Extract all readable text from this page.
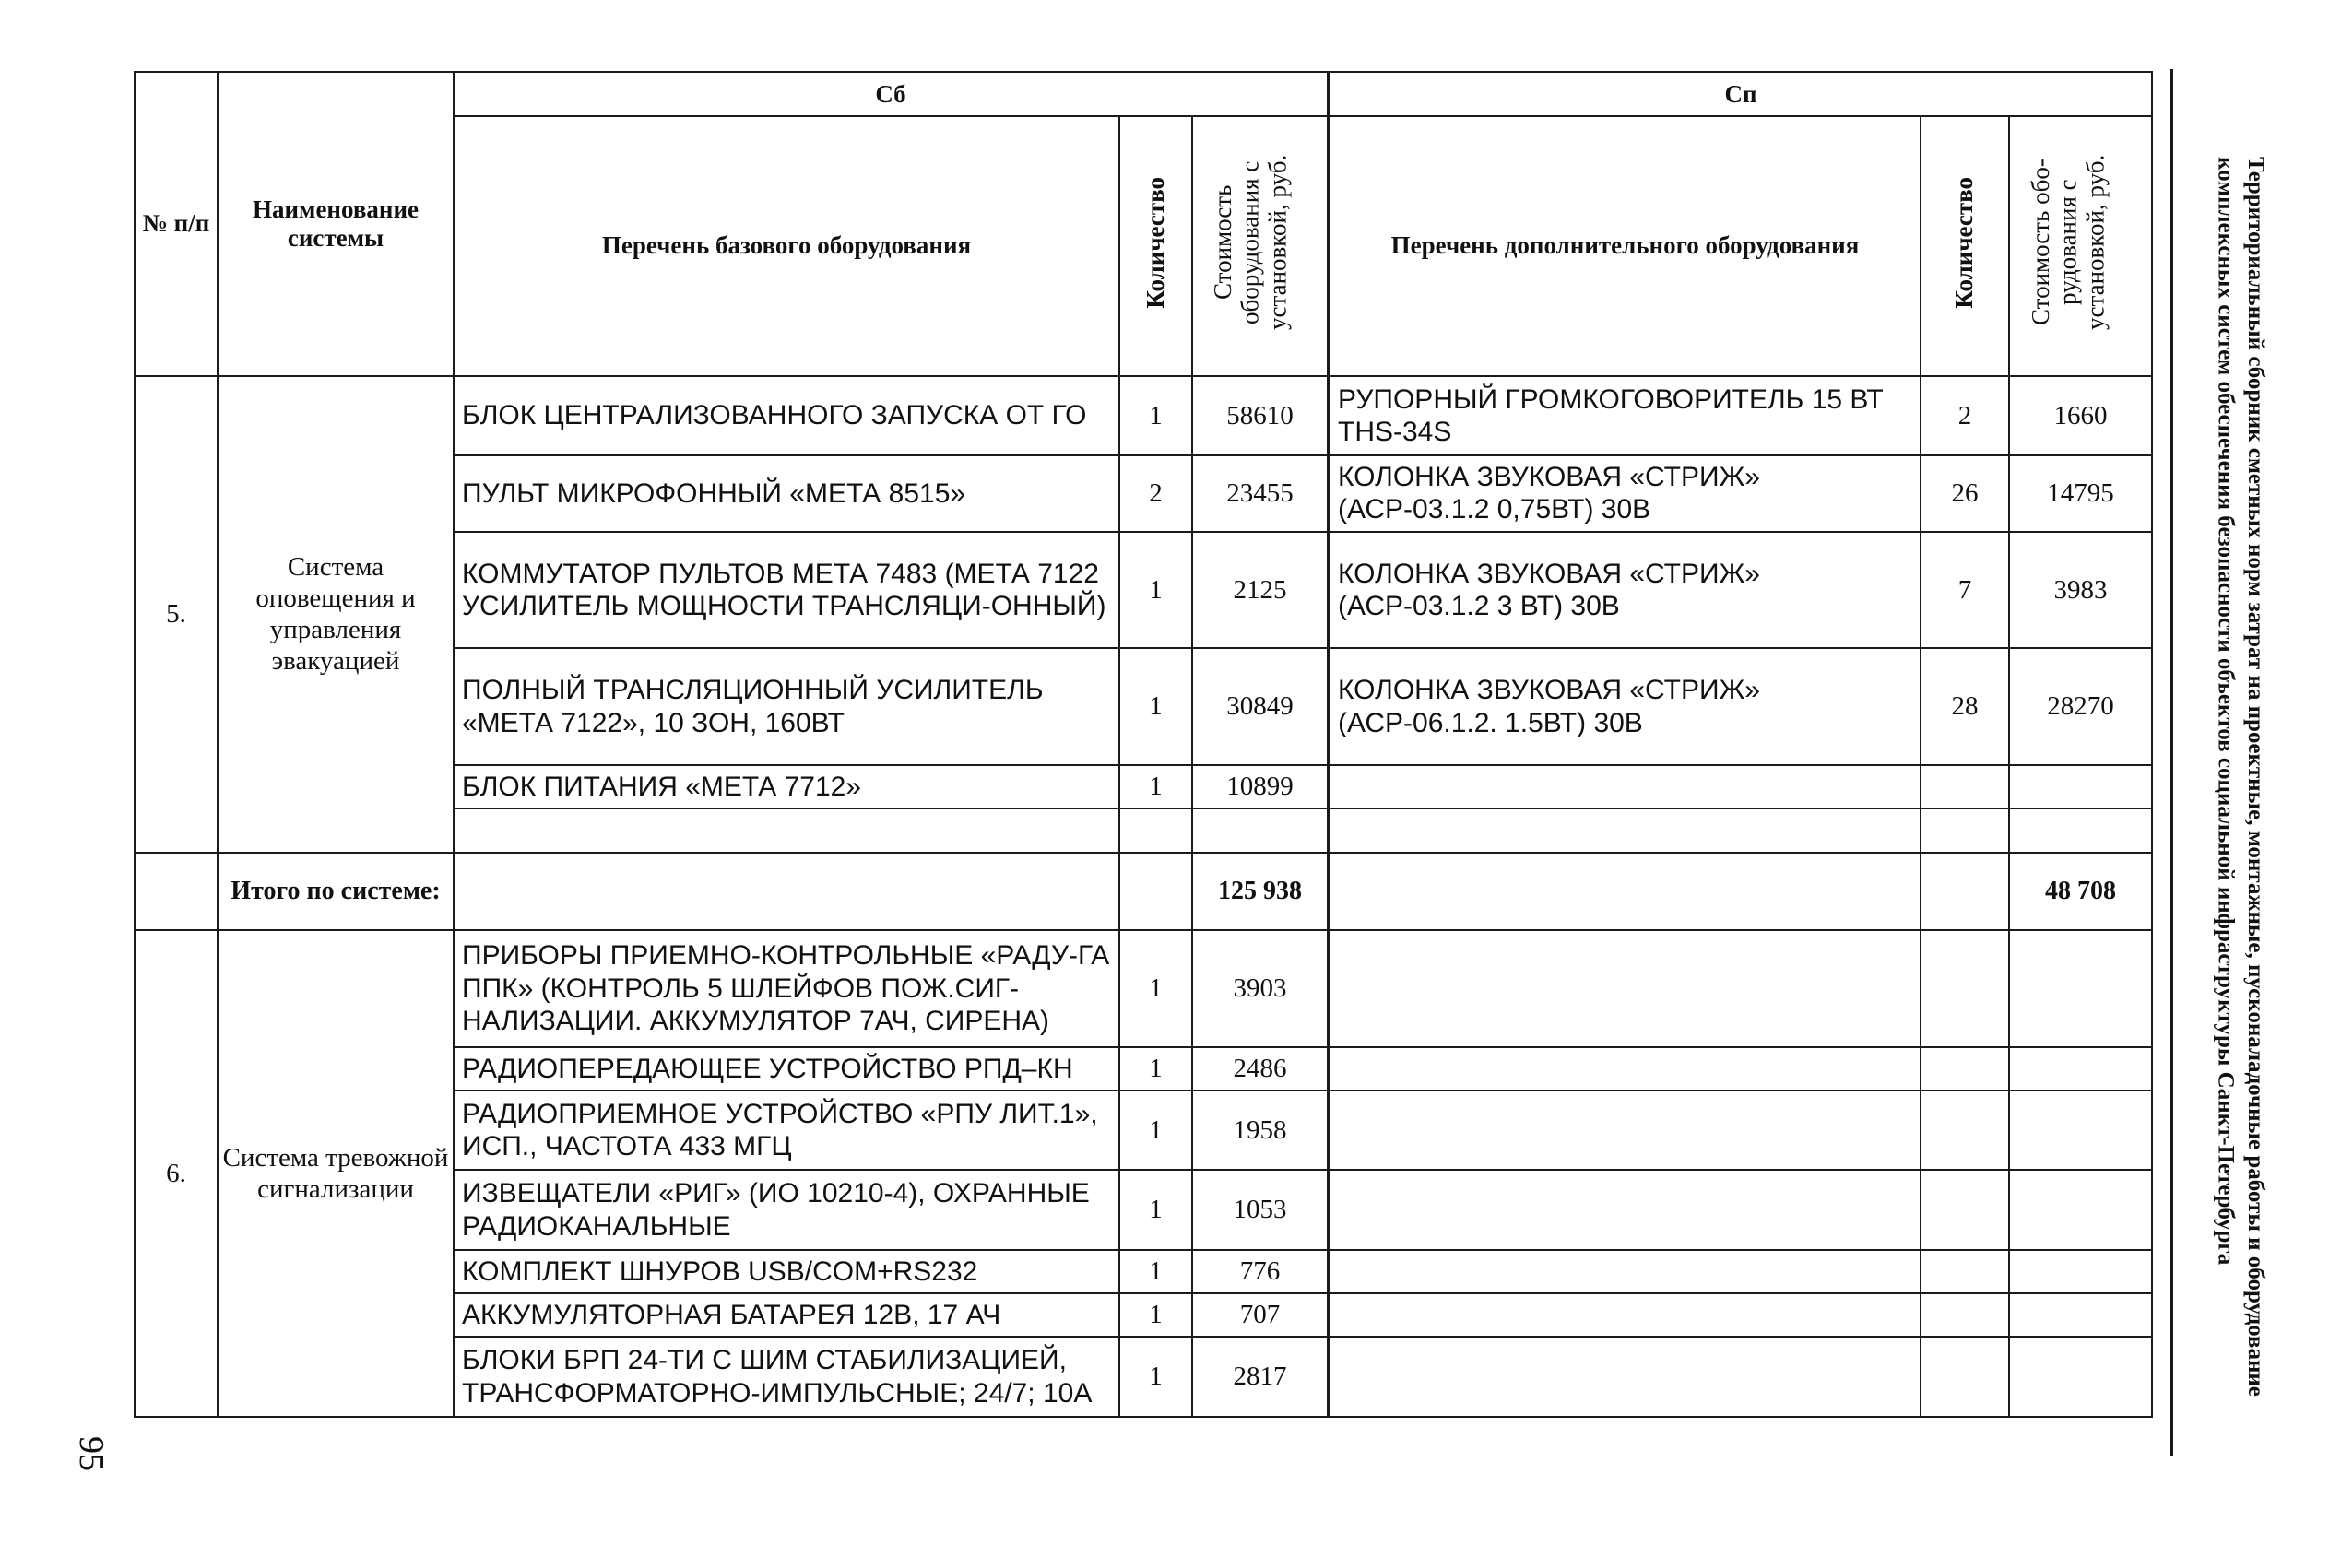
№ п/п	Наименование системы	Сб			Сп		
		Перечень базового оборудования	Количество	Стоимость оборудования с установкой, руб.	Перечень дополнительного оборудования	Количество	Стоимость обо- рудования с установкой, руб.
5.	Система оповещения и управления эвакуацией	БЛОК ЦЕНТРАЛИЗОВАННОГО ЗАПУСКА ОТ ГО	1	58610	РУПОРНЫЙ ГРОМКОГОВОРИТЕЛЬ 15 ВТ THS-34S	2	1660
		ПУЛЬТ МИКРОФОННЫЙ «МЕТА 8515»	2	23455	КОЛОНКА ЗВУКОВАЯ «СТРИЖ» (АСР-03.1.2 0,75ВТ) 30В	26	14795
		КОММУТАТОР ПУЛЬТОВ МЕТА 7483 (МЕТА 7122 УСИЛИТЕЛЬ МОЩНОСТИ ТРАНСЛЯЦИ-ОННЫЙ)	1	2125	КОЛОНКА ЗВУКОВАЯ «СТРИЖ» (АСР-03.1.2 3 ВТ) 30В	7	3983
		ПОЛНЫЙ ТРАНСЛЯЦИОННЫЙ УСИЛИТЕЛЬ «МЕТА 7122», 10 ЗОН, 160ВТ	1	30849	КОЛОНКА ЗВУКОВАЯ «СТРИЖ» (АСР-06.1.2. 1.5ВТ) 30В	28	28270
		БЛОК ПИТАНИЯ «МЕТА 7712»	1	10899			

	Итого по системе:			125 938			48 708
6.	Система тревожной сигнализации	ПРИБОРЫ ПРИЕМНО-КОНТРОЛЬНЫЕ «РАДУ-ГА ППК» (КОНТРОЛЬ 5 ШЛЕЙФОВ ПОЖ.СИГ-НАЛИЗАЦИИ. АККУМУЛЯТОР 7АЧ, СИРЕНА)	1	3903			
		РАДИОПЕРЕДАЮЩЕЕ УСТРОЙСТВО РПД–КН	1	2486			
		РАДИОПРИЕМНОЕ УСТРОЙСТВО «РПУ ЛИТ.1», ИСП., ЧАСТОТА 433 МГЦ	1	1958			
		ИЗВЕЩАТЕЛИ «РИГ» (ИО 10210-4), ОХРАННЫЕ РАДИОКАНАЛЬНЫЕ	1	1053			
		КОМПЛЕКТ ШНУРОВ USB/COM+RS232	1	776			
		АККУМУЛЯТОРНАЯ БАТАРЕЯ 12В, 17 АЧ	1	707			
		БЛОКИ БРП 24-ТИ С ШИМ СТАБИЛИЗАЦИЕЙ, ТРАНСФОРМАТОРНО-ИМПУЛЬСНЫЕ; 24/7; 10А	1	2817				Территориальный сборник сметных норм затрат на проектные, монтажные, пусконаладочные работы и оборудование
комплексных систем обеспечения безопасности объектов социальной инфраструктуры Санкт-Петербурга
95
